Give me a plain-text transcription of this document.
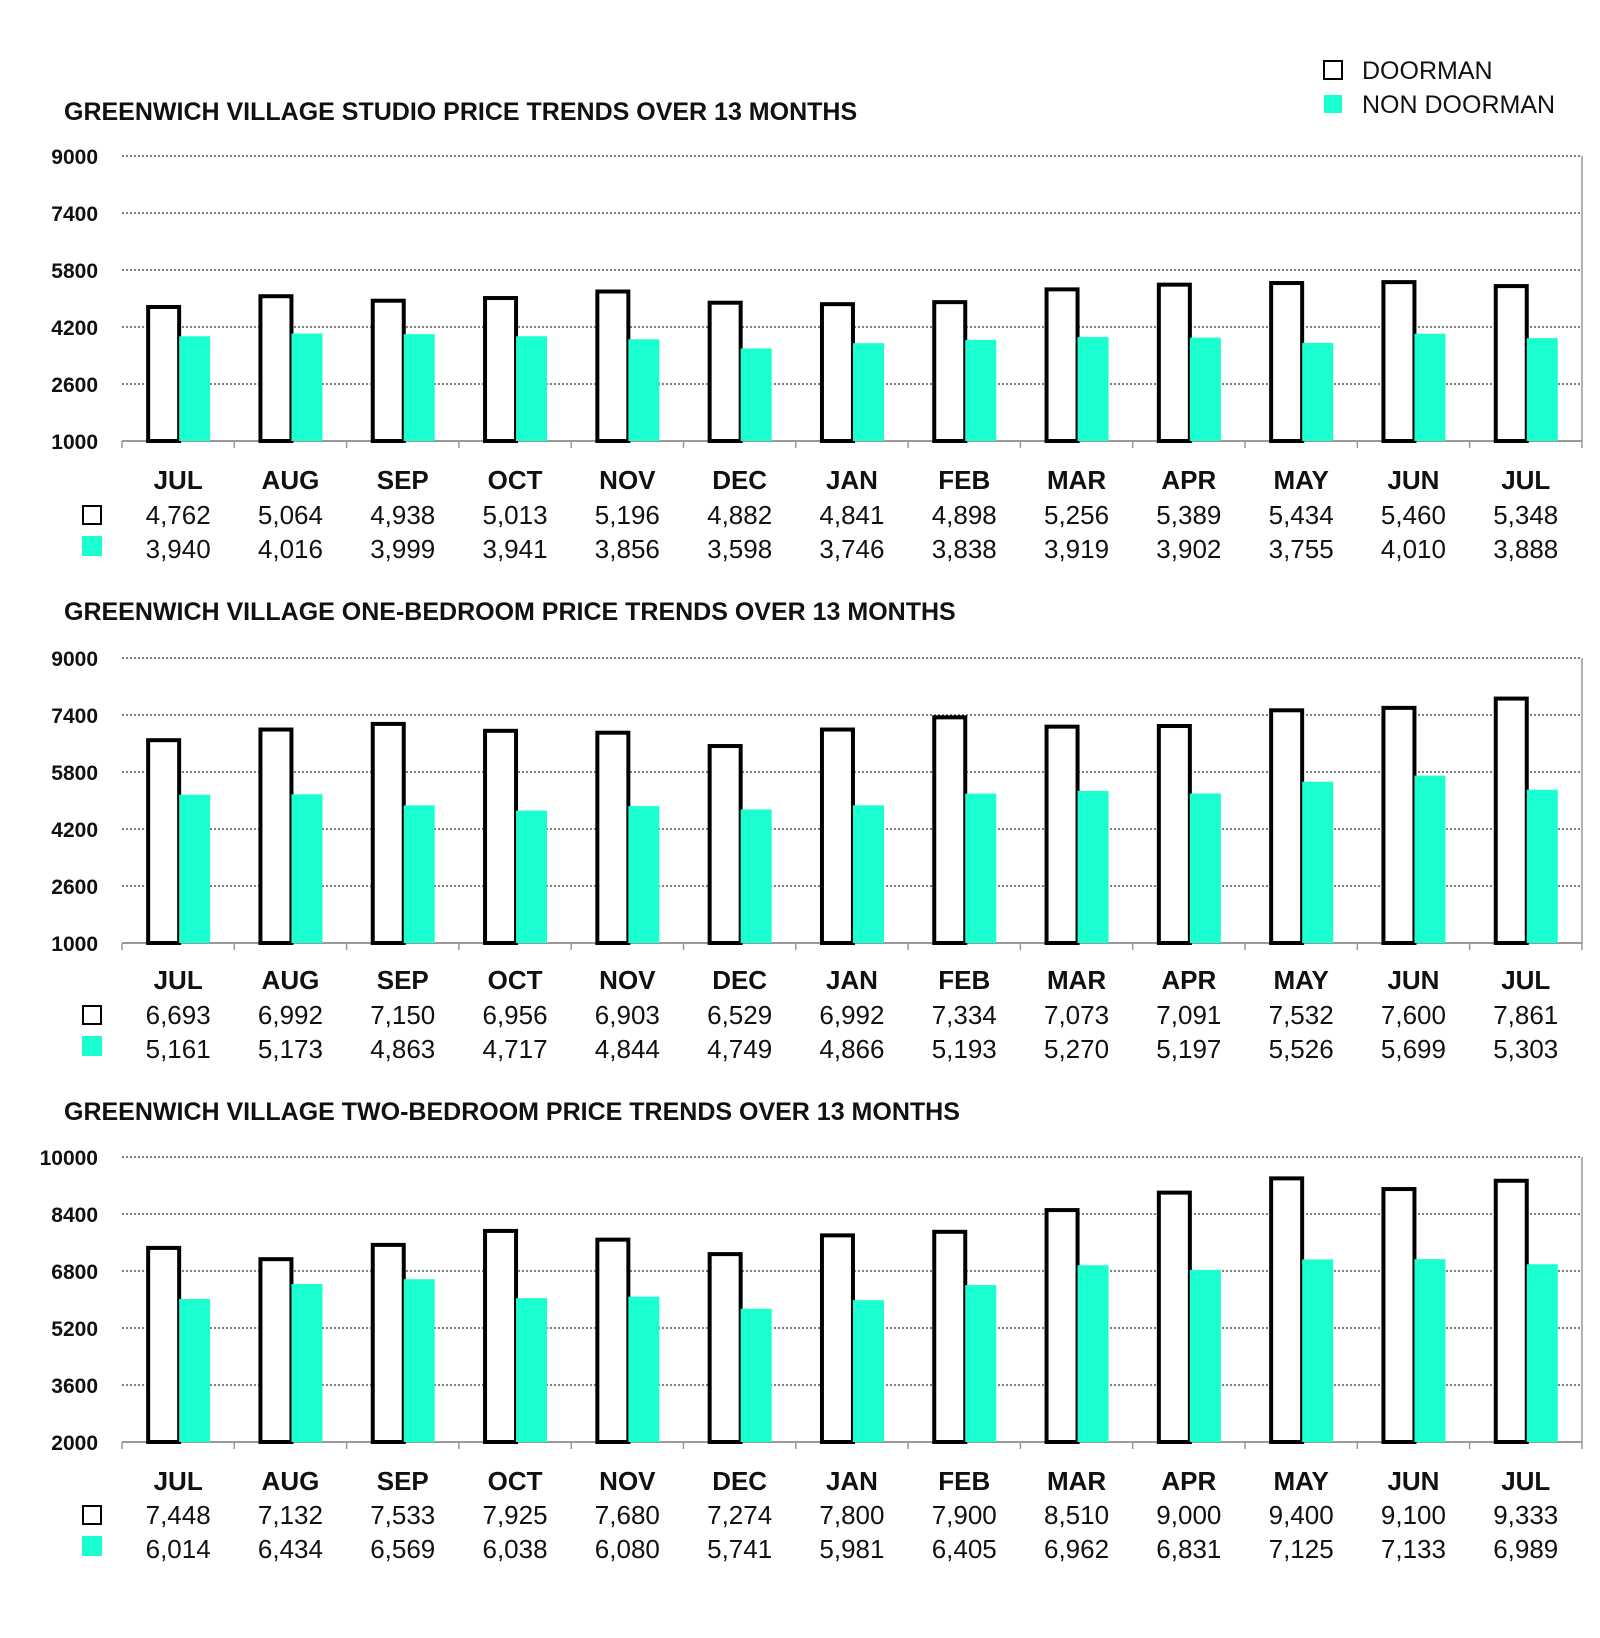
DOORMAN
NON DOORMAN
GREENWICH VILLAGE STUDIO PRICE TRENDS OVER 13 MONTHS
1000
2600
4200
5800
7400
9000
JUL
4,762
3,940
AUG
5,064
4,016
SEP
4,938
3,999
OCT
5,013
3,941
NOV
5,196
3,856
DEC
4,882
3,598
JAN
4,841
3,746
FEB
4,898
3,838
MAR
5,256
3,919
APR
5,389
3,902
MAY
5,434
3,755
JUN
5,460
4,010
JUL
5,348
3,888
GREENWICH VILLAGE ONE-BEDROOM PRICE TRENDS OVER 13 MONTHS
1000
2600
4200
5800
7400
9000
JUL
6,693
5,161
AUG
6,992
5,173
SEP
7,150
4,863
OCT
6,956
4,717
NOV
6,903
4,844
DEC
6,529
4,749
JAN
6,992
4,866
FEB
7,334
5,193
MAR
7,073
5,270
APR
7,091
5,197
MAY
7,532
5,526
JUN
7,600
5,699
JUL
7,861
5,303
GREENWICH VILLAGE TWO-BEDROOM PRICE TRENDS OVER 13 MONTHS
2000
3600
5200
6800
8400
10000
JUL
7,448
6,014
AUG
7,132
6,434
SEP
7,533
6,569
OCT
7,925
6,038
NOV
7,680
6,080
DEC
7,274
5,741
JAN
7,800
5,981
FEB
7,900
6,405
MAR
8,510
6,962
APR
9,000
6,831
MAY
9,400
7,125
JUN
9,100
7,133
JUL
9,333
6,989
